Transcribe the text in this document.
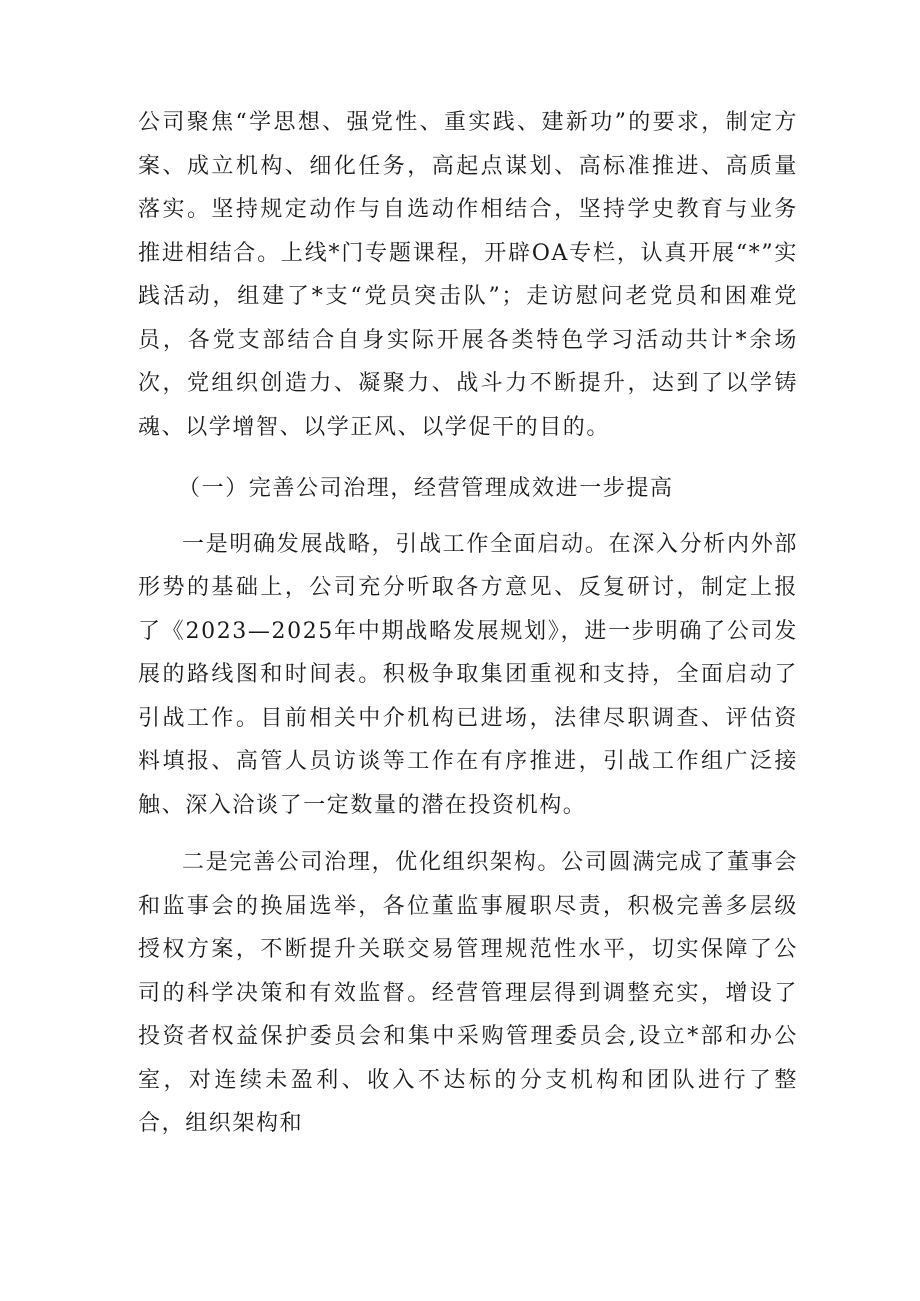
公司聚焦“学思想、强党性、重实践、建新功”的要求，制定方案、成立机构、细化任务，高起点谋划、高标准推进、高质量落实。坚持规定动作与自选动作相结合，坚持学史教育与业务推进相结合。上线*门专题课程，开辟OA专栏，认真开展“*”实践活动，组建了*支“党员突击队”；走访慰问老党员和困难党员，各党支部结合自身实际开展各类特色学习活动共计*余场次，党组织创造力、凝聚力、战斗力不断提升，达到了以学铸魂、以学增智、以学正风、以学促干的目的。

（一）完善公司治理，经营管理成效进一步提高

一是明确发展战略，引战工作全面启动。在深入分析内外部形势的基础上，公司充分听取各方意见、反复研讨，制定上报了《2023—2025年中期战略发展规划》，进一步明确了公司发展的路线图和时间表。积极争取集团重视和支持，全面启动了引战工作。目前相关中介机构已进场，法律尽职调查、评估资料填报、高管人员访谈等工作在有序推进，引战工作组广泛接触、深入洽谈了一定数量的潜在投资机构。

二是完善公司治理，优化组织架构。公司圆满完成了董事会和监事会的换届选举，各位董监事履职尽责，积极完善多层级授权方案，不断提升关联交易管理规范性水平，切实保障了公司的科学决策和有效监督。经营管理层得到调整充实，增设了投资者权益保护委员会和集中采购管理委员会,设立*部和办公室，对连续未盈利、收入不达标的分支机构和团队进行了整合，组织架构和
